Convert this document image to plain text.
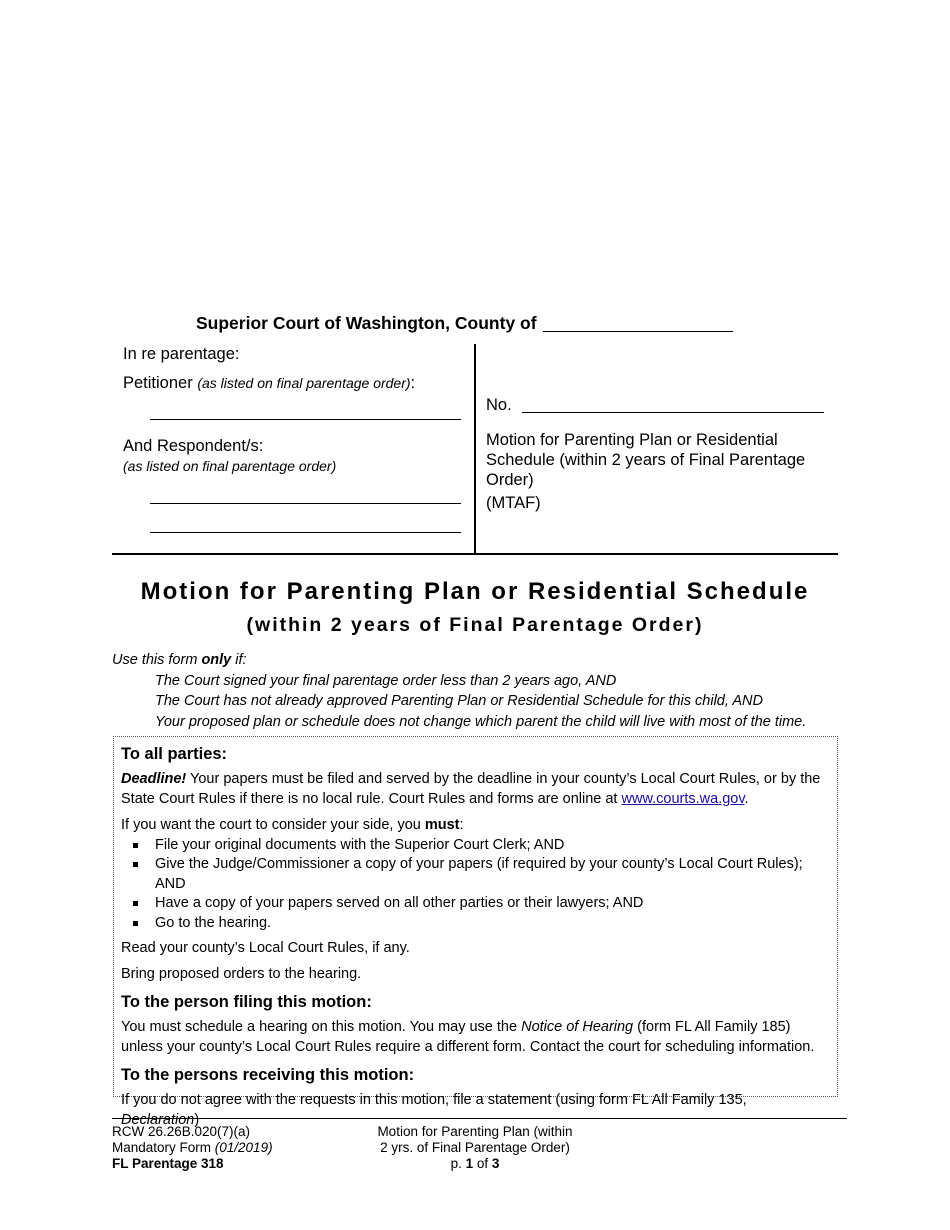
Superior Court of Washington, County of
In re parentage:
Petitioner (as listed on final parentage order):
And Respondent/s:
(as listed on final parentage order)
No.
Motion for Parenting Plan or Residential Schedule (within 2 years of Final Parentage Order)
(MTAF)
Motion for Parenting Plan or Residential Schedule
(within 2 years of Final Parentage Order)
Use this form only if:
The Court signed your final parentage order less than 2 years ago, AND
The Court has not already approved Parenting Plan or Residential Schedule for this child, AND
Your proposed plan or schedule does not change which parent the child will live with most of the time.
To all parties:

Deadline! Your papers must be filed and served by the deadline in your county’s Local Court Rules, or by the State Court Rules if there is no local rule. Court Rules and forms are online at www.courts.wa.gov.

If you want the court to consider your side, you must:

File your original documents with the Superior Court Clerk; AND
Give the Judge/Commissioner a copy of your papers (if required by your county’s Local Court Rules); AND
Have a copy of your papers served on all other parties or their lawyers; AND
Go to the hearing.

Read your county’s Local Court Rules, if any.

Bring proposed orders to the hearing.

To the person filing this motion:

You must schedule a hearing on this motion. You may use the Notice of Hearing (form FL All Family 185) unless your county’s Local Court Rules require a different form. Contact the court for scheduling information.

To the persons receiving this motion:

If you do not agree with the requests in this motion, file a statement (using form FL All Family 135, Declaration)

RCW 26.26B.020(7)(a)
Mandatory Form (01/2019)
FL Parentage 318
Motion for Parenting Plan (within
2 yrs. of Final Parentage Order)
p. 1 of 3
